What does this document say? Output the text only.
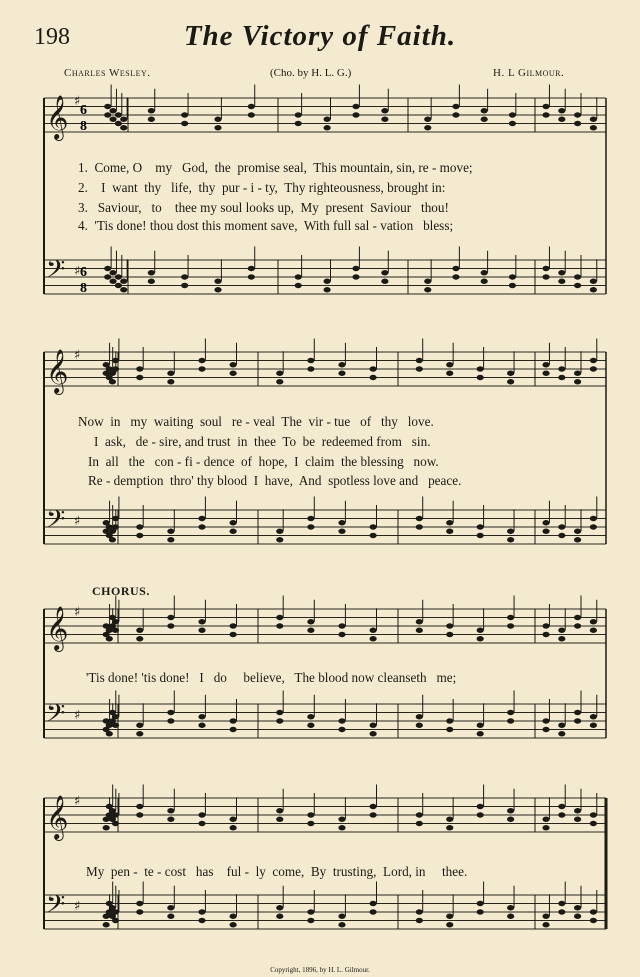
198	The Victory of Faith.
Charles Wesley.	(Cho. by H. L. G.)	H. L Gilmour.
𝄞 ♯
𝄢 ♯
𝄞 ♯
𝄢 ♯
𝄞 ♯
𝄢 ♯
𝄞 ♯
𝄢 ♯
6
8
6
8
1.  Come, O    my   God,  the  promise seal,  This mountain, sin, re - move;
2.    I  want  thy   life,  thy  pur - i - ty,  Thy righteousness, brought in:
3.   Saviour,   to    thee my soul looks up,  My  present  Saviour   thou!
4.  'Tis done! thou dost this moment save,  With full sal - vation   bless;
Now  in   my  waiting  soul   re - veal  The  vir - tue   of   thy   love.
I  ask,   de - sire, and trust  in  thee  To  be  redeemed from   sin.
In  all   the   con - fi - dence  of  hope,  I  claim  the blessing   now.
Re - demption  thro' thy blood  I  have,  And  spotless love and   peace.
CHORUS.
'Tis done! 'tis done!   I   do     believe,   The blood now cleanseth   me;
My  pen -  te - cost   has    ful -  ly  come,  By  trusting,  Lord, in     thee.
Copyright, 1896, by H. L. Gilmour.
